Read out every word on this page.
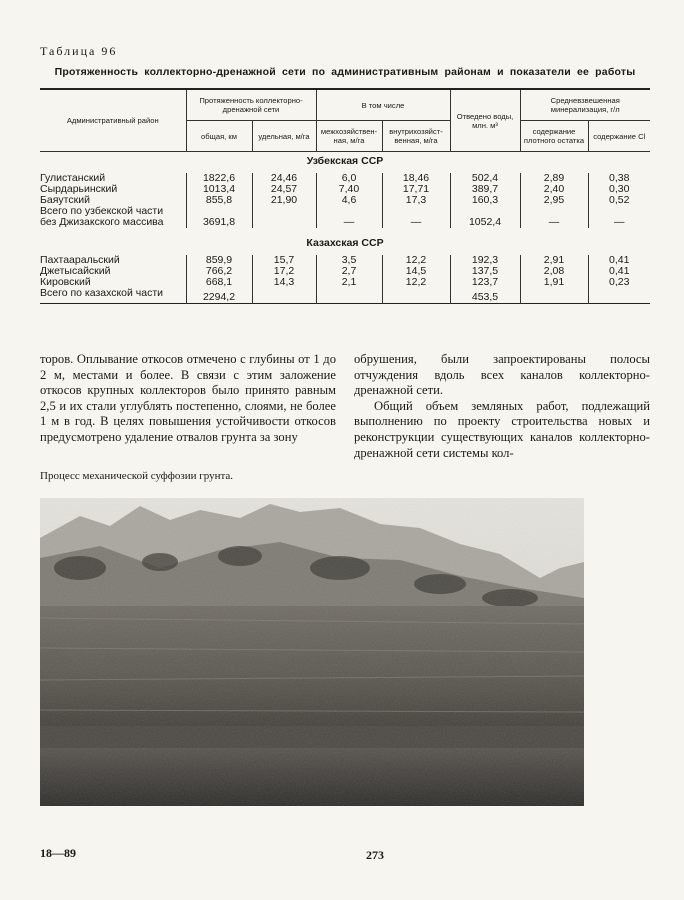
Таблица 96
Протяженность коллекторно-дренажной сети по административным районам и показатели ее работы
Административный район	Протяженность коллекторно-дренажной сети		В том числе		Отведено воды, млн. м³	Средневзвешенная минерализация, г/л	
	общая, км	удельная, м/га	межхозяйствен-ная, м/га	внутрихозяйст-венная, м/га		содержание плотного остатка	содержание Cl
Узбекская ССР							
Гулистанский	1822,6	24,46	6,0	18,46	502,4	2,89	0,38
Сырдарьинский	1013,4	24,57	7,40	17,71	389,7	2,40	0,30
Баяутский	855,8	21,90	4,6	17,3	160,3	2,95	0,52
Всего по узбекской части без Джизакского массива	3691,8		—	—	1052,4	—	—
Казахская ССР							
Пахтааральский	859,9	15,7	3,5	12,2	192,3	2,91	0,41
Джетысайский	766,2	17,2	2,7	14,5	137,5	2,08	0,41
Кировский	668,1	14,3	2,1	12,2	123,7	1,91	0,23
Всего по казахской части	2294,2				453,5		

торов. Оплывание откосов отмечено с глубины от 1 до 2 м, местами и более. В связи с этим заложение откосов крупных коллекторов было принято равным 2,5 и их стали углублять постепенно, слоями, не более 1 м в год. В целях повышения устойчивости откосов предусмотрено удаление отвалов грунта за зону

обрушения, были запроектированы полосы отчуждения вдоль всех каналов коллекторно-дренажной сети.

Общий объем земляных работ, подлежащий выполнению по проекту строительства новых и реконструкции существующих каналов коллекторно-дренажной сети системы кол-

Процесс механической суффозии грунта.
18—89	273
